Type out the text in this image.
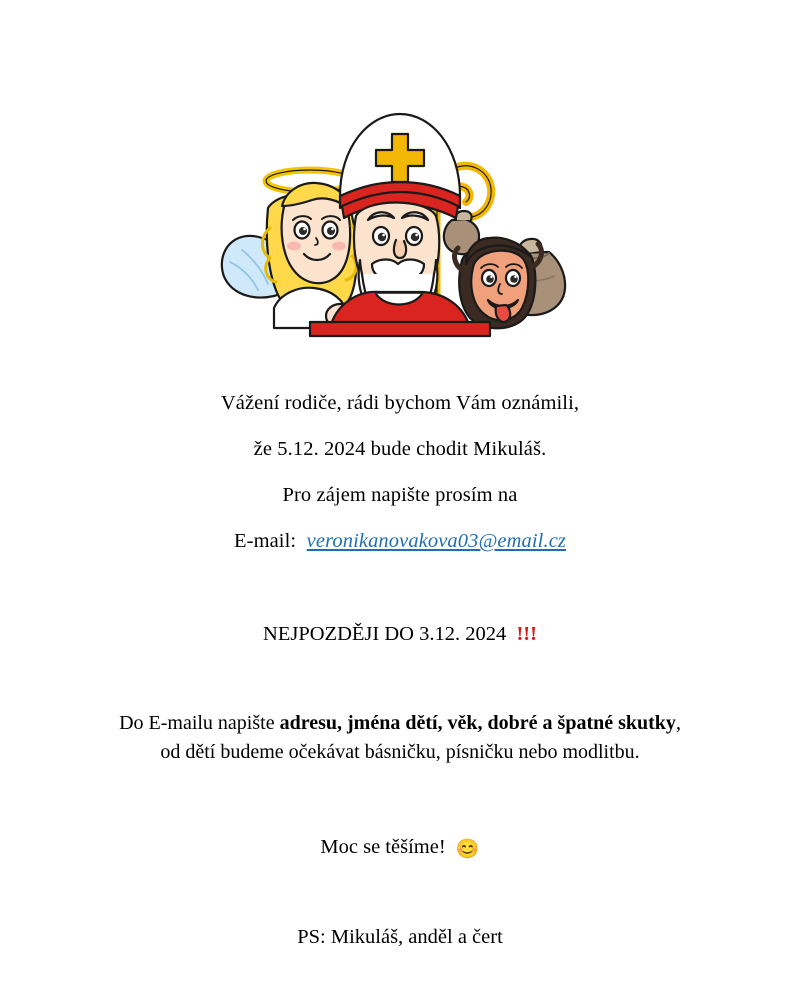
Vážení rodiče, rádi bychom Vám oznámili,

že 5.12. 2024 bude chodit Mikuláš.

Pro zájem napište prosím na

E-mail: veronikanovakova03@email.cz

NEJPOZDĚJI DO 3.12. 2024 !!!

Do E-mailu napište adresu, jména dětí, věk, dobré a špatné skutky,

od dětí budeme očekávat básničku, písničku nebo modlitbu.

Moc se těšíme! 😊

PS: Mikuláš, anděl a čert
